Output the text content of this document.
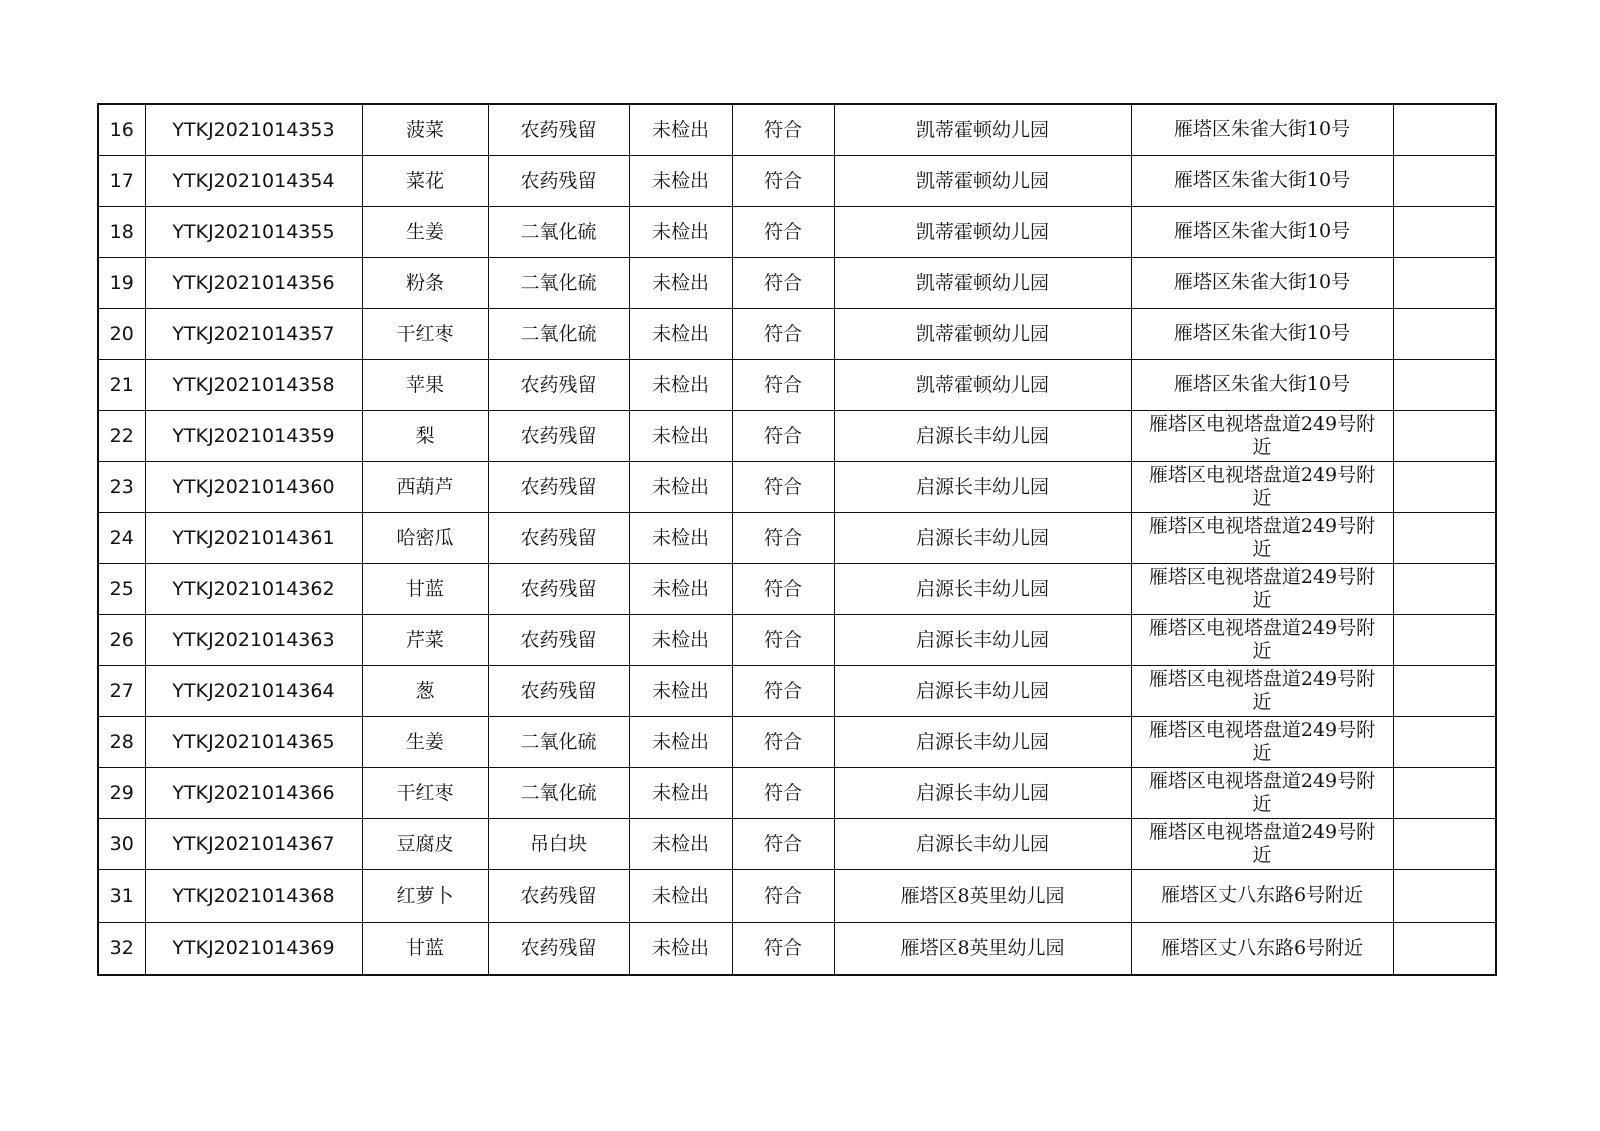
16	YTKJ2021014353	菠菜	农药残留	未检出	符合	凯蒂霍顿幼儿园	雁塔区朱雀大街10号	
17	YTKJ2021014354	菜花	农药残留	未检出	符合	凯蒂霍顿幼儿园	雁塔区朱雀大街10号	
18	YTKJ2021014355	生姜	二氧化硫	未检出	符合	凯蒂霍顿幼儿园	雁塔区朱雀大街10号	
19	YTKJ2021014356	粉条	二氧化硫	未检出	符合	凯蒂霍顿幼儿园	雁塔区朱雀大街10号	
20	YTKJ2021014357	干红枣	二氧化硫	未检出	符合	凯蒂霍顿幼儿园	雁塔区朱雀大街10号	
21	YTKJ2021014358	苹果	农药残留	未检出	符合	凯蒂霍顿幼儿园	雁塔区朱雀大街10号	
22	YTKJ2021014359	梨	农药残留	未检出	符合	启源长丰幼儿园	雁塔区电视塔盘道249号附近	
23	YTKJ2021014360	西葫芦	农药残留	未检出	符合	启源长丰幼儿园	雁塔区电视塔盘道249号附近	
24	YTKJ2021014361	哈密瓜	农药残留	未检出	符合	启源长丰幼儿园	雁塔区电视塔盘道249号附近	
25	YTKJ2021014362	甘蓝	农药残留	未检出	符合	启源长丰幼儿园	雁塔区电视塔盘道249号附近	
26	YTKJ2021014363	芹菜	农药残留	未检出	符合	启源长丰幼儿园	雁塔区电视塔盘道249号附近	
27	YTKJ2021014364	葱	农药残留	未检出	符合	启源长丰幼儿园	雁塔区电视塔盘道249号附近	
28	YTKJ2021014365	生姜	二氧化硫	未检出	符合	启源长丰幼儿园	雁塔区电视塔盘道249号附近	
29	YTKJ2021014366	干红枣	二氧化硫	未检出	符合	启源长丰幼儿园	雁塔区电视塔盘道249号附近	
30	YTKJ2021014367	豆腐皮	吊白块	未检出	符合	启源长丰幼儿园	雁塔区电视塔盘道249号附近	
31	YTKJ2021014368	红萝卜	农药残留	未检出	符合	雁塔区8英里幼儿园	雁塔区丈八东路6号附近	
32	YTKJ2021014369	甘蓝	农药残留	未检出	符合	雁塔区8英里幼儿园	雁塔区丈八东路6号附近	
